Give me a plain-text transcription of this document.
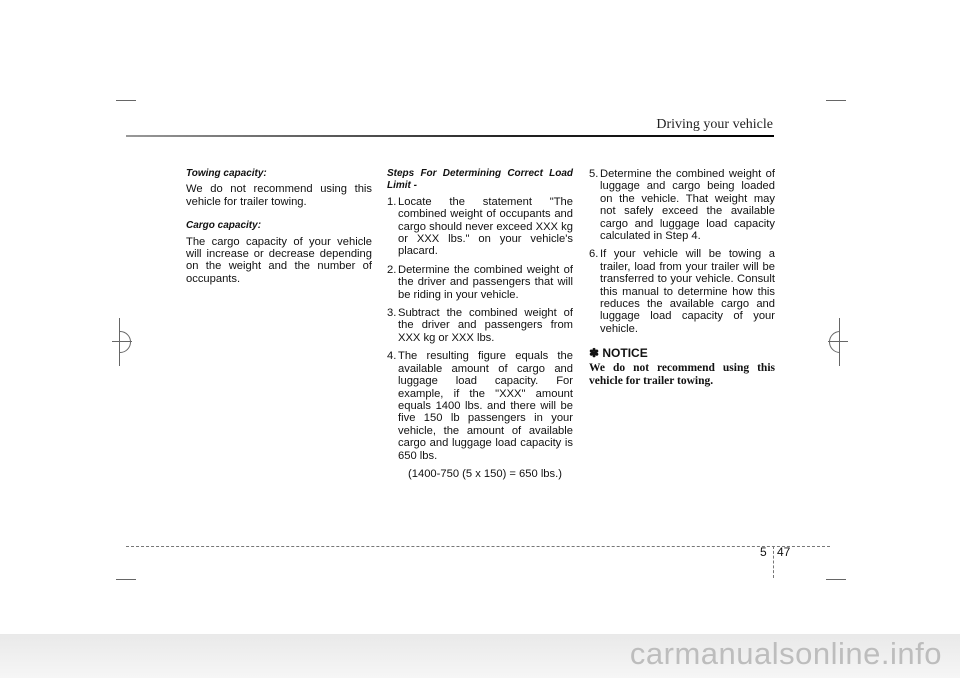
Driving your vehicle
Towing capacity:

We do not recommend using this vehicle for trailer towing.

Cargo capacity:

The cargo capacity of your vehicle will increase or decrease depending on the weight and the number of occupants.

Steps For Determining Correct Load Limit -
1. Locate the statement "The combined weight of occupants and cargo should never exceed XXX kg or XXX lbs." on your vehicle's placard.
2. Determine the combined weight of the driver and passengers that will be riding in your vehicle.
3. Subtract the combined weight of the driver and passengers from XXX kg or XXX lbs.
4. The resulting figure equals the available amount of cargo and luggage load capacity. For example, if the "XXX" amount equals 1400 lbs. and there will be five 150 lb passengers in your vehicle, the amount of available cargo and luggage load capacity is 650 lbs.
(1400-750 (5 x 150) = 650 lbs.)
5. Determine the combined weight of luggage and cargo being loaded on the vehicle. That weight may not safely exceed the available cargo and luggage load capacity calculated in Step 4.
6. If your vehicle will be towing a trailer, load from your trailer will be transferred to your vehicle. Consult this manual to determine how this reduces the available cargo and luggage load capacity of your vehicle.
✽ NOTICE
We do not recommend using this vehicle for trailer towing.
5 47
carmanualsonline.info
